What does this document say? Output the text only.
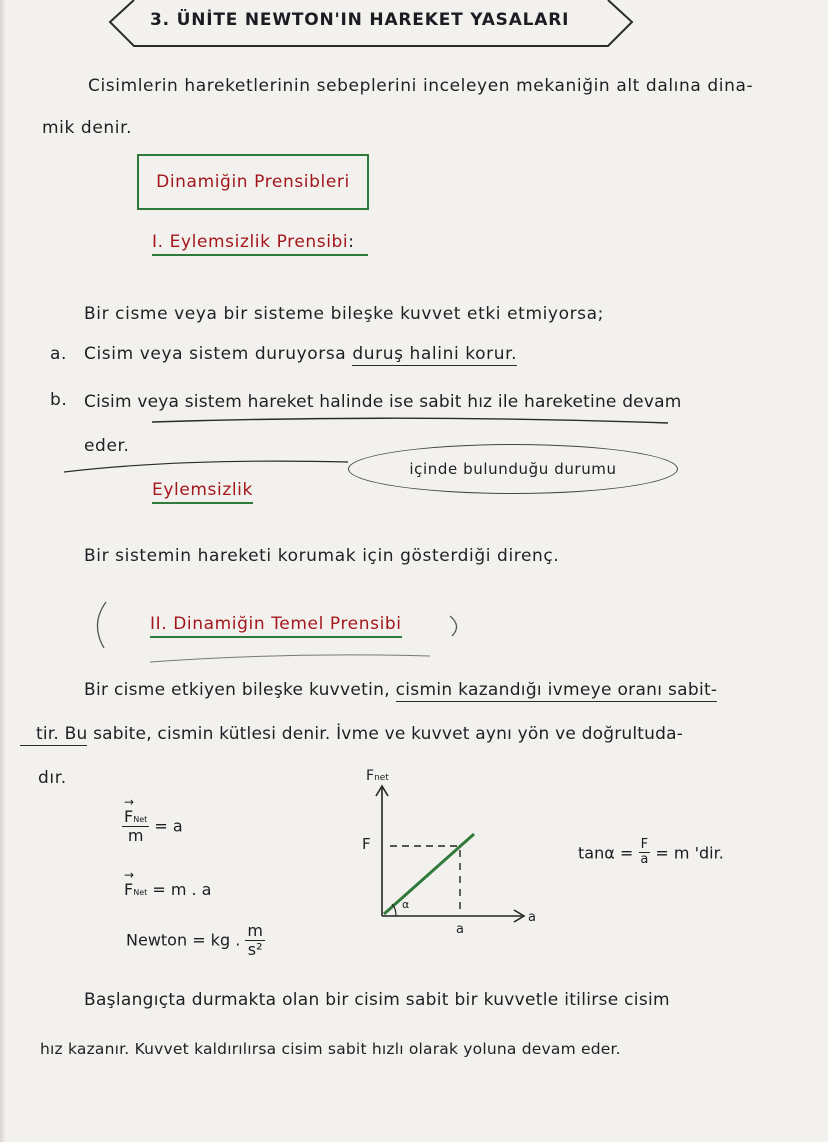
3. ÜNİTE NEWTON'IN HAREKET YASALARI
Cisimlerin hareketlerinin sebeplerini inceleyen mekaniğin alt dalına dina-
mik denir.
Dinamiğin Prensibleri
I. Eylemsizlik Prensibi:
Bir cisme veya bir sisteme bileşke kuvvet etki etmiyorsa;
a. Cisim veya sistem duruyorsa duruş halini korur.
b. Cisim veya sistem hareket halinde ise sabit hız ile hareketine devam
eder.
içinde bulunduğu durumu
Eylemsizlik
Bir sistemin hareketi korumak için gösterdiği direnç.
II. Dinamiğin Temel Prensibi
Bir cisme etkiyen bileşke kuvvetin, cismin kazandığı ivmeye oranı sabit-
tir. Bu sabite, cismin kütlesi denir. İvme ve kuvvet aynı yön ve doğrultuda-
dır.
→ $\frac{\text{FNet}}{m} = a$
→ FNet = m . a
Newton = kg . $\frac{m}{\text{s²}}$
Fnet
F
α
a
a
$\tan\alpha = \frac{F}{a} = m$ 'dir.
Başlangıçta durmakta olan bir cisim sabit bir kuvvetle itilirse cisim
hız kazanır. Kuvvet kaldırılırsa cisim sabit hızlı olarak yoluna devam eder.
